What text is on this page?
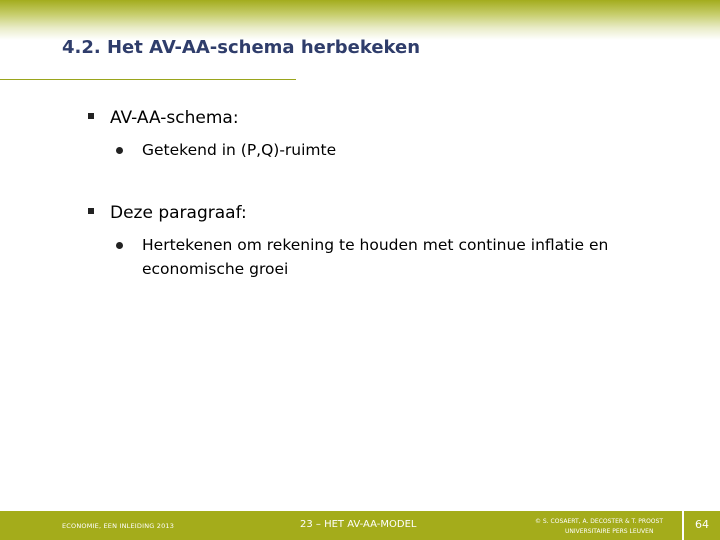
4.2. Het AV-AA-schema herbekeken
AV-AA-schema:
Getekend in (P,Q)-ruimte
Deze paragraaf:
Hertekenen om rekening te houden met continue inflatie en economische groei
ECONOMIE, EEN INLEIDING 2013	23 – HET AV-AA-MODEL	© S. COSAERT, A. DECOSTER & T. PROOST
UNIVERSITAIRE PERS LEUVEN
64
